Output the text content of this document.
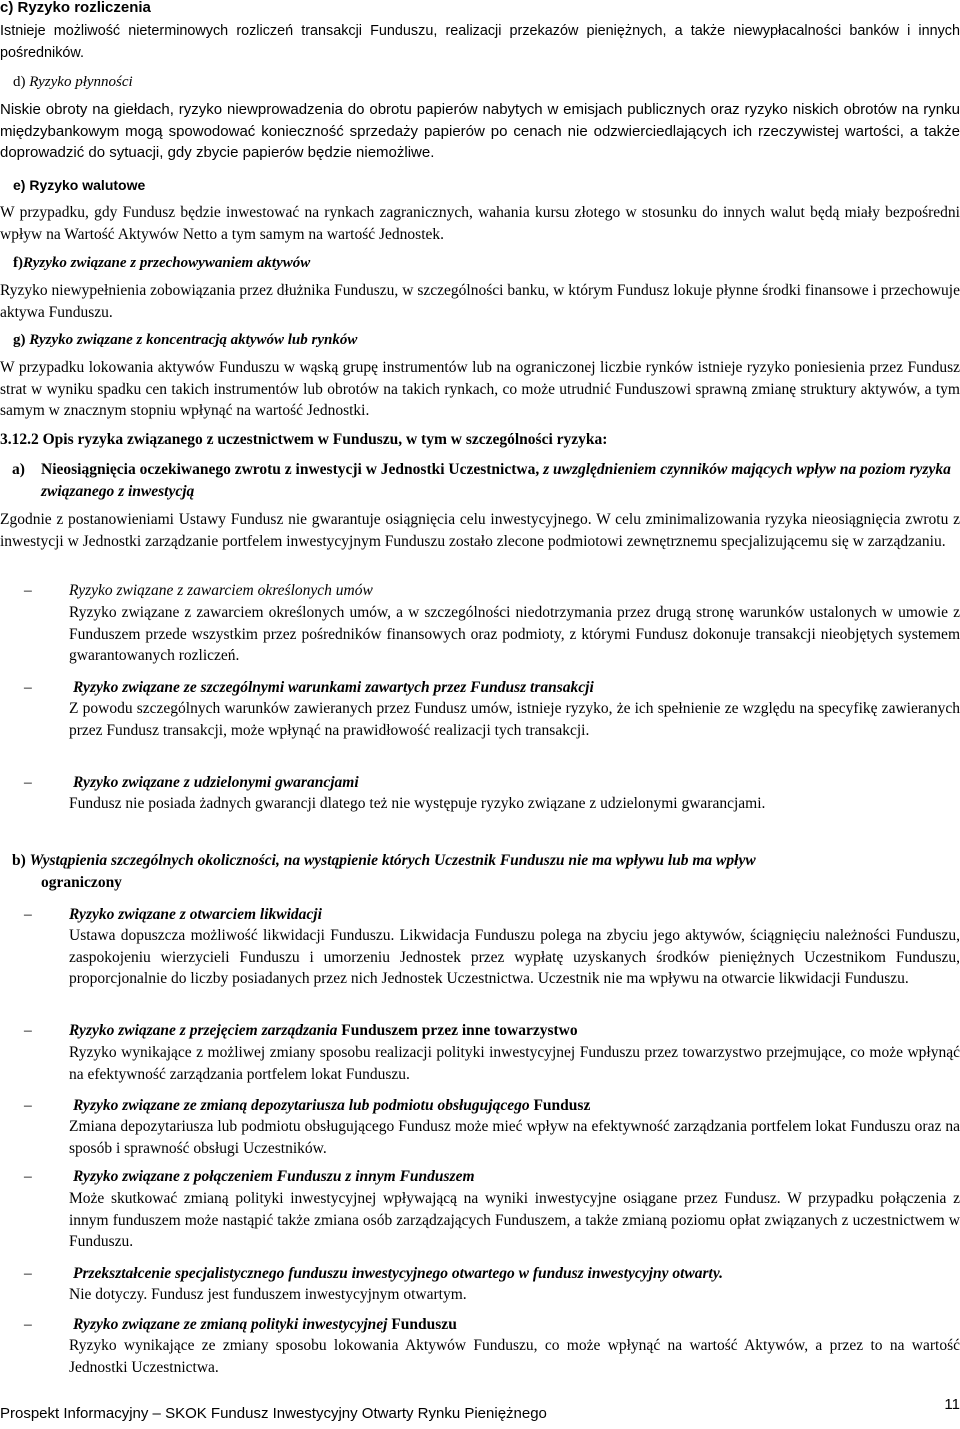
c) Ryzyko rozliczenia
Istnieje możliwość nieterminowych rozliczeń transakcji Funduszu, realizacji przekazów pieniężnych, a także niewypłacalności banków i innych pośredników.
d) Ryzyko płynności
Niskie obroty na giełdach, ryzyko niewprowadzenia do obrotu papierów nabytych w emisjach publicznych oraz ryzyko niskich obrotów na rynku międzybankowym mogą spowodować konieczność sprzedaży papierów po cenach nie odzwierciedlających ich rzeczywistej wartości, a także doprowadzić do sytuacji, gdy zbycie papierów będzie niemożliwe.
e) Ryzyko walutowe
W przypadku, gdy Fundusz będzie inwestować na rynkach zagranicznych, wahania kursu złotego w stosunku do innych walut będą miały bezpośredni wpływ na Wartość Aktywów Netto a tym samym na wartość Jednostek.
f)Ryzyko związane z przechowywaniem aktywów
Ryzyko niewypełnienia zobowiązania przez dłużnika Funduszu, w szczególności banku, w którym Fundusz lokuje płynne środki finansowe i przechowuje aktywa Funduszu.
g) Ryzyko związane z koncentracją aktywów lub rynków
W przypadku lokowania aktywów Funduszu w wąską grupę instrumentów lub na ograniczonej liczbie rynków istnieje ryzyko poniesienia przez Fundusz strat w wyniku spadku cen takich instrumentów lub obrotów na takich rynkach, co może utrudnić Funduszowi sprawną zmianę struktury aktywów, a tym samym w znacznym stopniu wpłynąć na wartość Jednostki.
3.12.2 Opis ryzyka związanego z uczestnictwem w Funduszu, w tym w szczególności ryzyka:
a) Nieosiągnięcia oczekiwanego zwrotu z inwestycji w Jednostki Uczestnictwa, z uwzględnieniem czynników mających wpływ na poziom ryzyka związanego z inwestycją
Zgodnie z postanowieniami Ustawy Fundusz nie gwarantuje osiągnięcia celu inwestycyjnego. W celu zminimalizowania ryzyka nieosiągnięcia zwrotu z inwestycji w Jednostki zarządzanie portfelem inwestycyjnym Funduszu zostało zlecone podmiotowi zewnętrznemu specjalizującemu się w zarządzaniu.
– Ryzyko związane z zawarciem określonych umów
Ryzyko związane z zawarciem określonych umów, a w szczególności niedotrzymania przez drugą stronę warunków ustalonych w umowie z Funduszem przede wszystkim przez pośredników finansowych oraz podmioty, z którymi Fundusz dokonuje transakcji nieobjętych systemem gwarantowanych rozliczeń.
–	Ryzyko związane ze szczególnymi warunkami zawartych przez Fundusz transakcji
Z powodu szczególnych warunków zawieranych przez Fundusz umów, istnieje ryzyko, że ich spełnienie ze względu na specyfikę zawieranych przez Fundusz transakcji, może wpłynąć na prawidłowość realizacji tych transakcji.
–	Ryzyko związane z udzielonymi gwarancjami
Fundusz nie posiada żadnych gwarancji dlatego też nie występuje ryzyko związane z udzielonymi gwarancjami.
b) Wystąpienia szczególnych okoliczności, na wystąpienie których Uczestnik Funduszu nie ma wpływu lub ma wpływ
ograniczony
– Ryzyko związane z otwarciem likwidacji
Ustawa dopuszcza możliwość likwidacji Funduszu. Likwidacja Funduszu polega na zbyciu jego aktywów, ściągnięciu należności Funduszu, zaspokojeniu wierzycieli Funduszu i umorzeniu Jednostek przez wypłatę uzyskanych środków pieniężnych Uczestnikom Funduszu, proporcjonalnie do liczby posiadanych przez nich Jednostek Uczestnictwa. Uczestnik nie ma wpływu na otwarcie likwidacji Funduszu.
– Ryzyko związane z przejęciem zarządzania Funduszem przez inne towarzystwo
Ryzyko wynikające z możliwej zmiany sposobu realizacji polityki inwestycyjnej Funduszu przez towarzystwo przejmujące, co może wpłynąć na efektywność zarządzania portfelem lokat Funduszu.
–	Ryzyko związane ze zmianą depozytariusza lub podmiotu obsługującego Fundusz
Zmiana depozytariusza lub podmiotu obsługującego Fundusz może mieć wpływ na efektywność zarządzania portfelem lokat Funduszu oraz na sposób i sprawność obsługi Uczestników.
–	Ryzyko związane z połączeniem Funduszu z innym Funduszem
Może skutkować zmianą polityki inwestycyjnej wpływającą na wyniki inwestycyjne osiągane przez Fundusz. W przypadku połączenia z innym funduszem może nastąpić także zmiana osób zarządzających Funduszem, a także zmianą poziomu opłat związanych z uczestnictwem w Funduszu.
–	Przekształcenie specjalistycznego funduszu inwestycyjnego otwartego w fundusz inwestycyjny otwarty.
Nie dotyczy. Fundusz jest funduszem inwestycyjnym otwartym.
–	Ryzyko związane ze zmianą polityki inwestycyjnej Funduszu
Ryzyko wynikające ze zmiany sposobu lokowania Aktywów Funduszu, co może wpłynąć na wartość Aktywów, a przez to na wartość Jednostki Uczestnictwa.
Prospekt Informacyjny – SKOK Fundusz Inwestycyjny Otwarty Rynku Pieniężnego
11
